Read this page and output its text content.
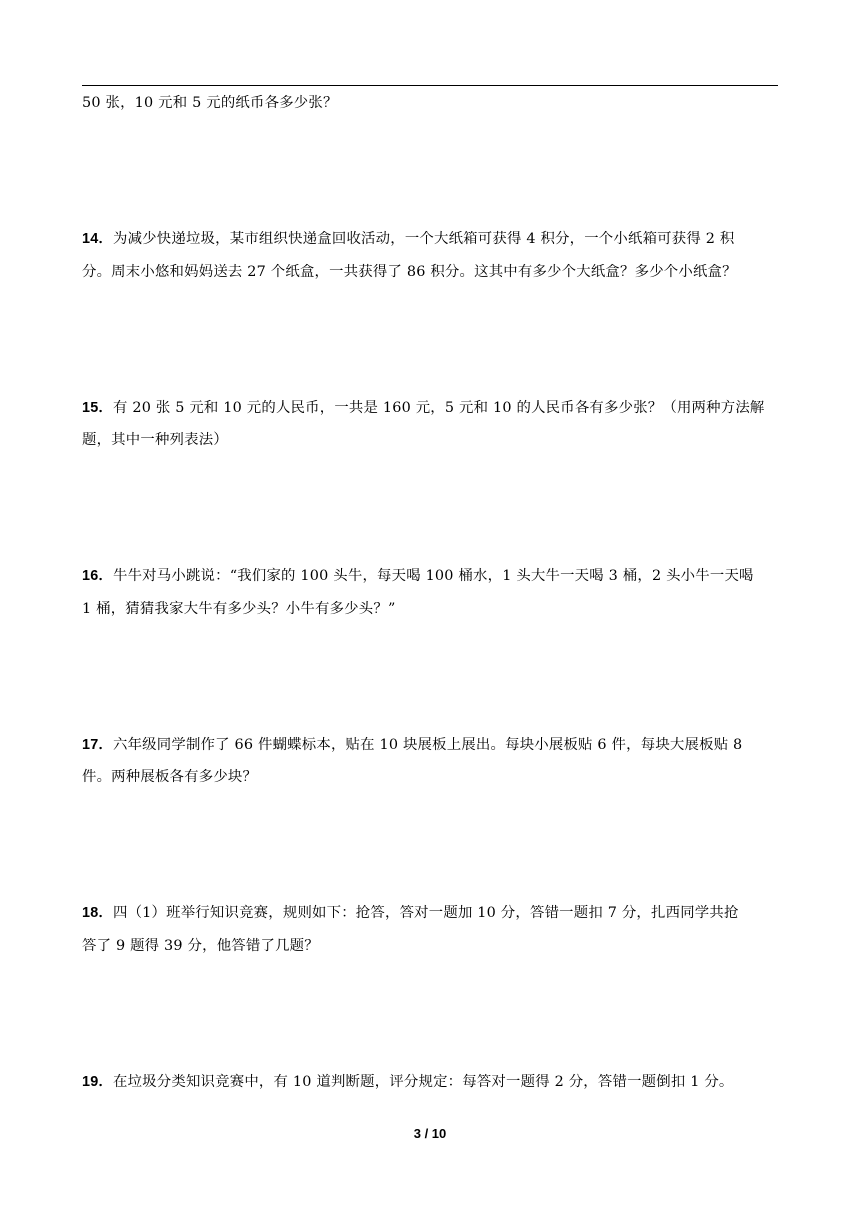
50 张，10 元和 5 元的纸币各多少张？
14．为减少快递垃圾，某市组织快递盒回收活动，一个大纸箱可获得 4 积分，一个小纸箱可获得 2 积
分。周末小悠和妈妈送去 27 个纸盒，一共获得了 86 积分。这其中有多少个大纸盒？多少个小纸盒？
15．有 20 张 5 元和 10 元的人民币，一共是 160 元，5 元和 10 的人民币各有多少张？（用两种方法解
题，其中一种列表法）
16．牛牛对马小跳说：“我们家的 100 头牛，每天喝 100 桶水，1 头大牛一天喝 3 桶，2 头小牛一天喝
1 桶，猜猜我家大牛有多少头？小牛有多少头？”
17．六年级同学制作了 66 件蝴蝶标本，贴在 10 块展板上展出。每块小展板贴 6 件，每块大展板贴 8
件。两种展板各有多少块？
18．四（1）班举行知识竞赛，规则如下：抢答，答对一题加 10 分，答错一题扣 7 分，扎西同学共抢
答了 9 题得 39 分，他答错了几题？
19．在垃圾分类知识竞赛中，有 10 道判断题，评分规定：每答对一题得 2 分，答错一题倒扣 1 分。
3 / 10
